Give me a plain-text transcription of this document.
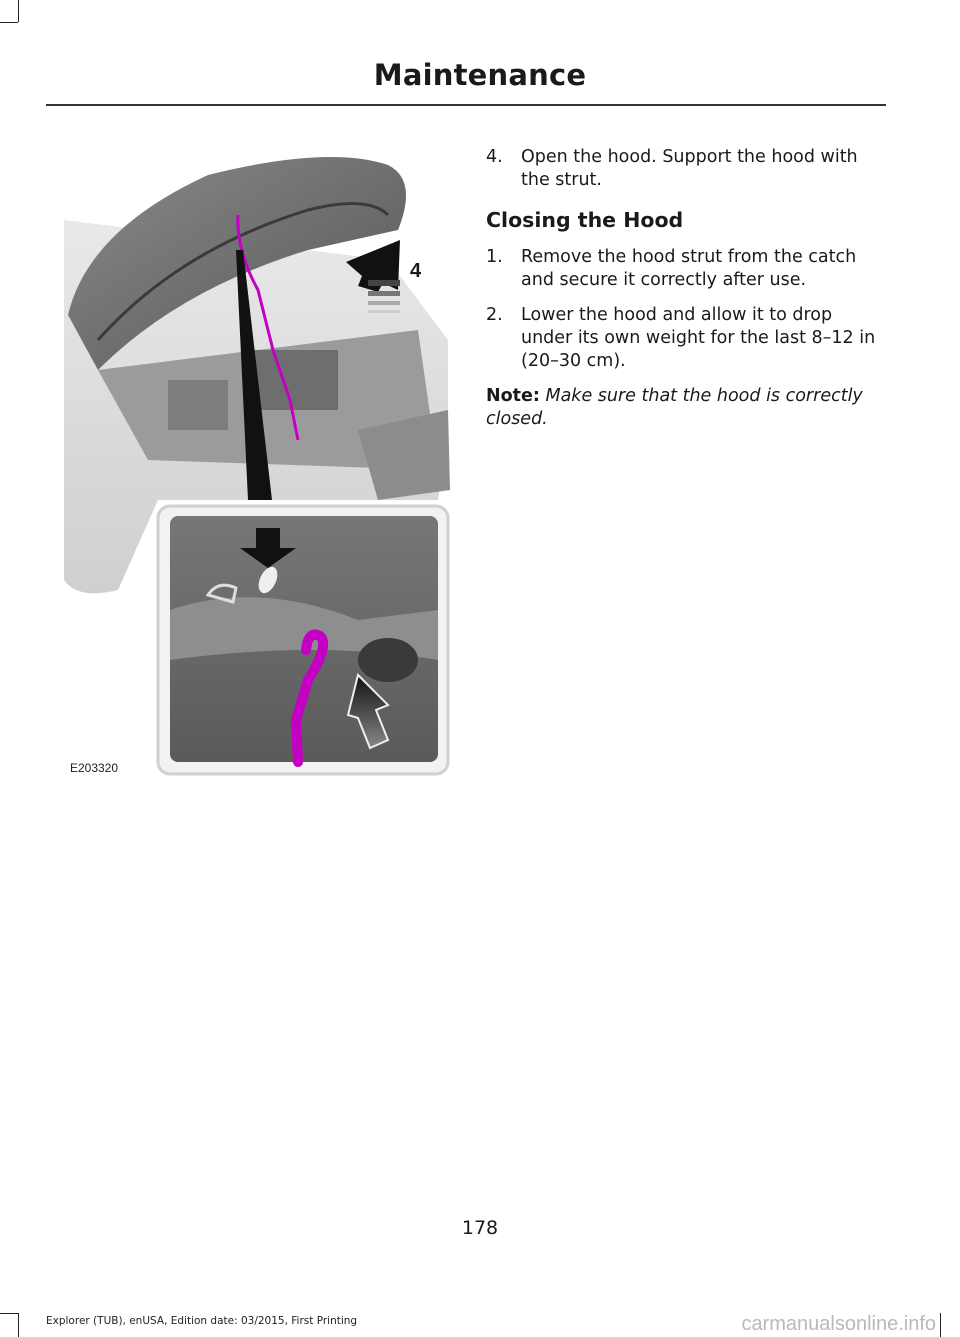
Maintenance
4
E203320
4.	Open the hood. Support the hood with the strut.
Closing the Hood
1.	Remove the hood strut from the catch and secure it correctly after use.
2.	Lower the hood and allow it to drop under its own weight for the last 8–12 in (20–30 cm).
Note: Make sure that the hood is correctly closed.
178
Explorer (TUB), enUSA, Edition date: 03/2015, First Printing	carmanualsonline.info
